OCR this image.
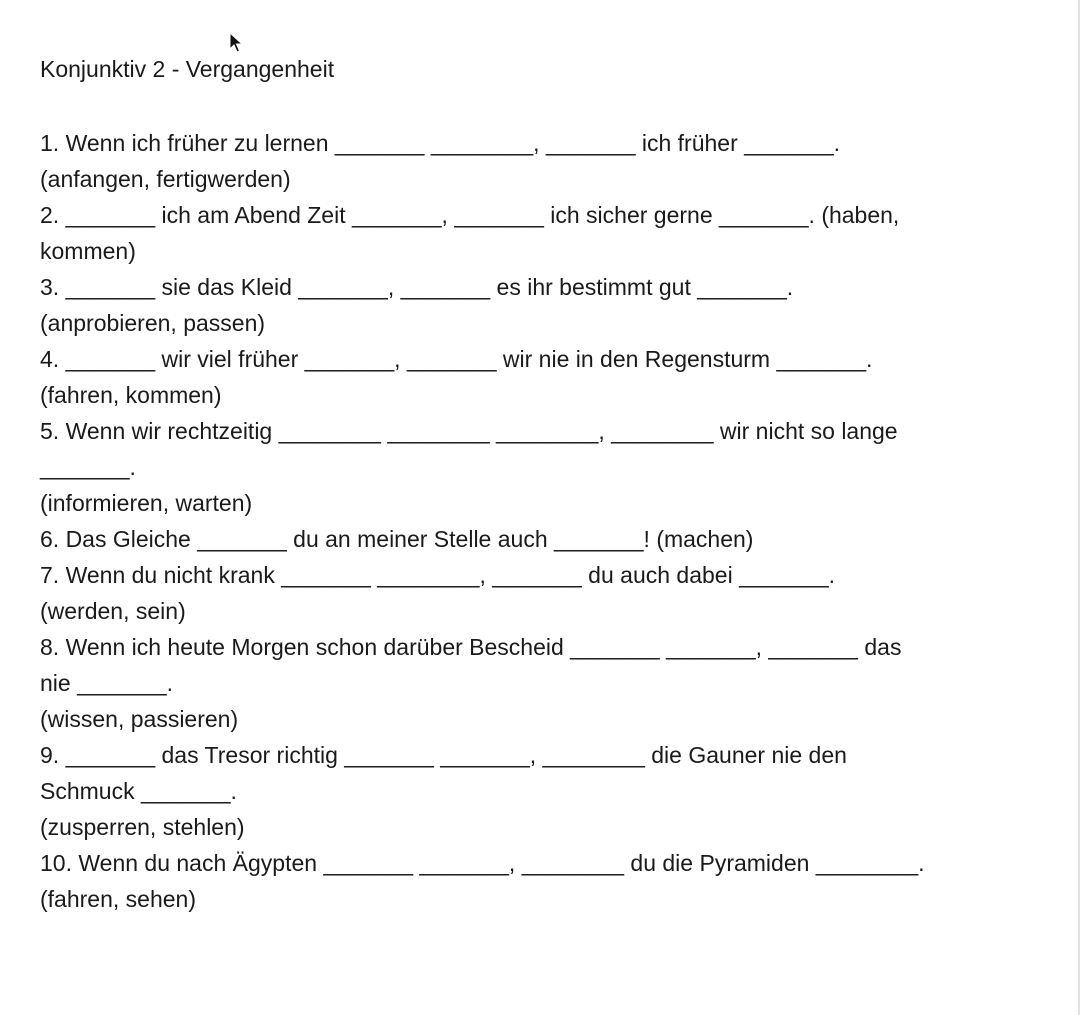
Konjunktiv 2 - Vergangenheit
1. Wenn ich früher zu lernen _______ ________, _______ ich früher _______.
(anfangen, fertigwerden)
2. _______ ich am Abend Zeit _______, _______ ich sicher gerne _______. (haben,
kommen)
3. _______ sie das Kleid _______, _______ es ihr bestimmt gut _______.
(anprobieren, passen)
4. _______ wir viel früher _______, _______ wir nie in den Regensturm _______.
(fahren, kommen)
5. Wenn wir rechtzeitig ________ ________ ________, ________ wir nicht so lange
_______.
(informieren, warten)
6. Das Gleiche _______ du an meiner Stelle auch _______! (machen)
7. Wenn du nicht krank _______ ________, _______ du auch dabei _______.
(werden, sein)
8. Wenn ich heute Morgen schon darüber Bescheid _______ _______, _______ das
nie _______.
(wissen, passieren)
9. _______ das Tresor richtig _______ _______, ________ die Gauner nie den
Schmuck _______.
(zusperren, stehlen)
10. Wenn du nach Ägypten _______ _______, ________ du die Pyramiden ________.
(fahren, sehen)
